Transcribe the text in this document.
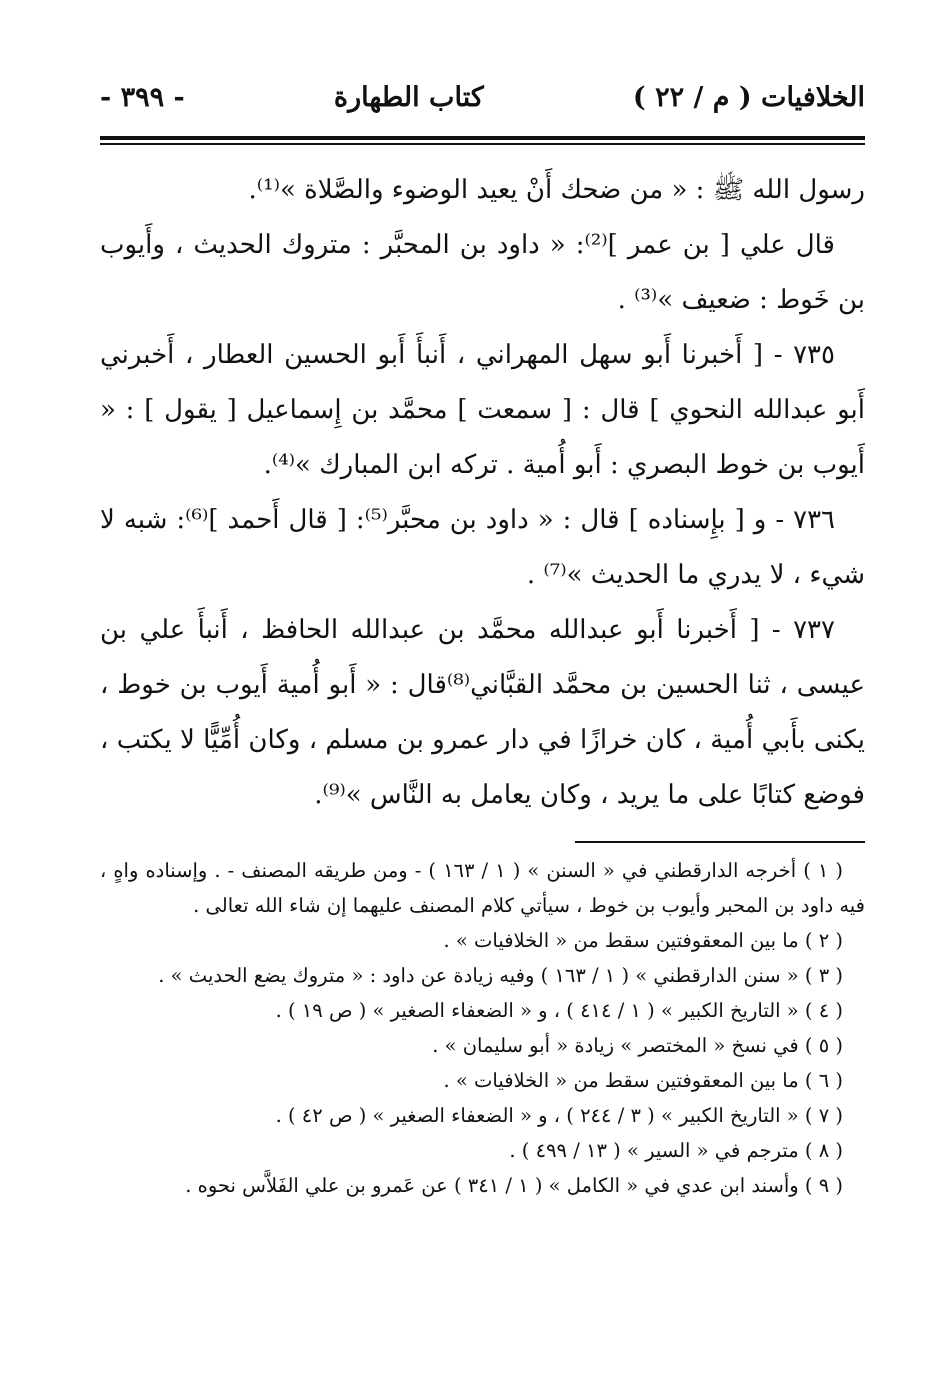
الخلافيات ( م / ٢٢ )
كتاب الطهارة
- ٣٩٩ -

رسول الله ﷺ : « من ضحك أَنْ يعيد الوضوء والصَّلاة »⁽¹⁾.

قال علي [ بن عمر ]⁽²⁾: « داود بن المحبَّر : متروك الحديث ، وأَيوب بن خَوط : ضعيف »⁽³⁾ .

٧٣٥ - [ أَخبرنا أَبو سهل المهراني ، أَنبأَ أَبو الحسين العطار ، أَخبرني أَبو عبدالله النحوي ] قال : [ سمعت ] محمَّد بن إِسماعيل [ يقول ] : « أَيوب بن خوط البصري : أَبو أُمية . تركه ابن المبارك »⁽⁴⁾.

٧٣٦ - و [ بإِسناده ] قال : « داود بن محبَّر⁽⁵⁾: [ قال أَحمد ]⁽⁶⁾: شبه لا شيء ، لا يدري ما الحديث »⁽⁷⁾ .

٧٣٧ - [ أَخبرنا أَبو عبدالله محمَّد بن عبدالله الحافظ ، أَنبأَ علي بن عيسى ، ثنا الحسين بن محمَّد القبَّاني⁽⁸⁾قال : « أَبو أُمية أَيوب بن خوط ، يكنى بأَبي أُمية ، كان خرازًا في دار عمرو بن مسلم ، وكان أُمِّيًّا لا يكتب ، فوضع كتابًا على ما يريد ، وكان يعامل به النَّاس »⁽⁹⁾.

( ١ ) أخرجه الدارقطني في « السنن » ( ١ / ١٦٣ ) - ومن طريقه المصنف - . وإسناده واهٍ ، فيه داود بن المحبر وأيوب بن خوط ، سيأتي كلام المصنف عليهما إن شاء الله تعالى .

( ٢ ) ما بين المعقوفتين سقط من « الخلافيات » .

( ٣ ) « سنن الدارقطني » ( ١ / ١٦٣ ) وفيه زيادة عن داود : « متروك يضع الحديث » .

( ٤ ) « التاريخ الكبير » ( ١ / ٤١٤ ) ، و « الضعفاء الصغير » ( ص ١٩ ) .

( ٥ ) في نسخ « المختصر » زيادة « أبو سليمان » .

( ٦ ) ما بين المعقوفتين سقط من « الخلافيات » .

( ٧ ) « التاريخ الكبير » ( ٣ / ٢٤٤ ) ، و « الضعفاء الصغير » ( ص ٤٢ ) .

( ٨ ) مترجم في « السير » ( ١٣ / ٤٩٩ ) .

( ٩ ) وأسند ابن عدي في « الكامل » ( ١ / ٣٤١ ) عن عَمرو بن علي الفَلاَّس نحوه .
